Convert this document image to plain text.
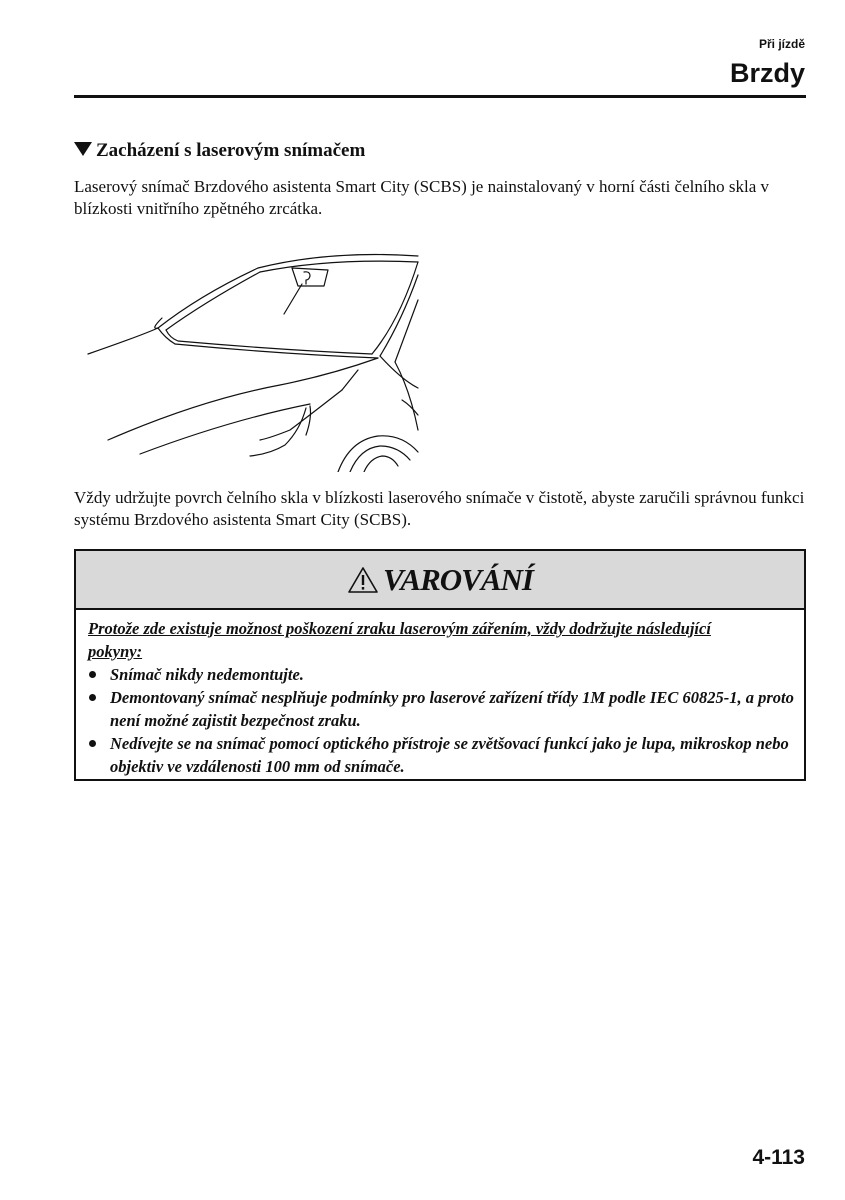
Při jízdě
Brzdy
Zacházení s laserovým snímačem
Laserový snímač Brzdového asistenta Smart City (SCBS) je nainstalovaný v horní části čelního skla v blízkosti vnitřního zpětného zrcátka.
Vždy udržujte povrch čelního skla v blízkosti laserového snímače v čistotě, abyste zaručili správnou funkci systému Brzdového asistenta Smart City (SCBS).
VAROVÁNÍ
Protože zde existuje možnost poškození zraku laserovým zářením, vždy dodržujte následující pokyny:
Snímač nikdy nedemontujte.
Demontovaný snímač nesplňuje podmínky pro laserové zařízení třídy 1M podle IEC 60825-1, a proto není možné zajistit bezpečnost zraku.
Nedívejte se na snímač pomocí optického přístroje se zvětšovací funkcí jako je lupa, mikroskop nebo objektiv ve vzdálenosti 100 mm od snímače.
4-113
